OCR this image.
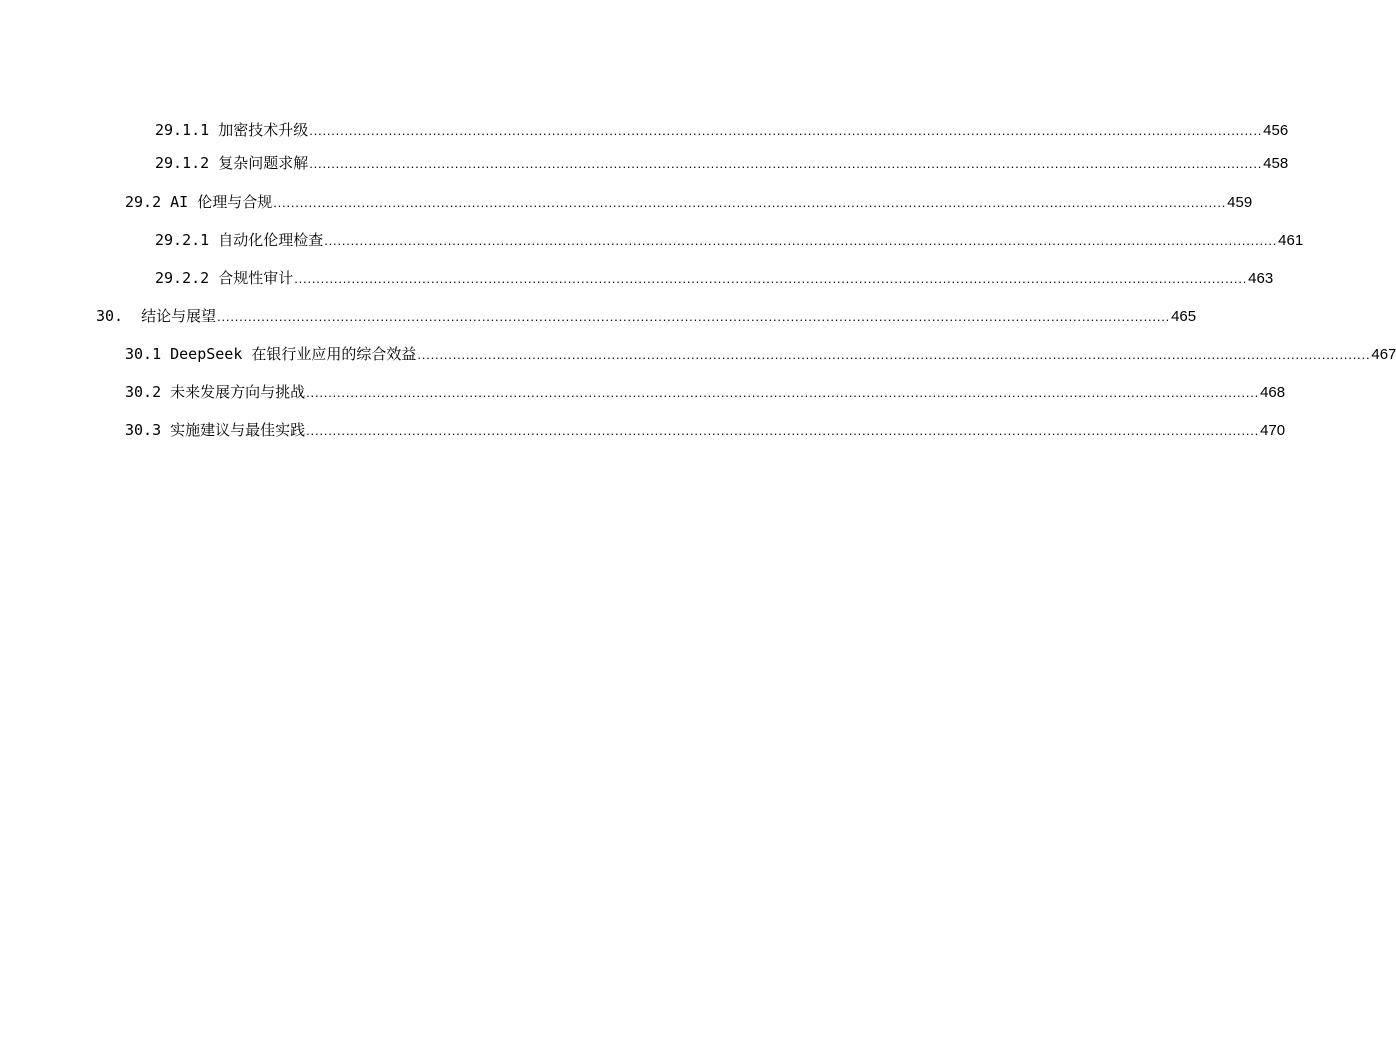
29.1.1 加密技术升级 ........................................................................................................................................................................................................................ 456
29.1.2 复杂问题求解 ........................................................................................................................................................................................................................ 458
29.2 AI 伦理与合规 ........................................................................................................................................................................................................................ 459
29.2.1 自动化伦理检查 ........................................................................................................................................................................................................................ 461
29.2.2 合规性审计 ........................................................................................................................................................................................................................ 463
30. 结论与展望 ........................................................................................................................................................................................................................ 465
30.1 DeepSeek 在银行业应用的综合效益 ........................................................................................................................................................................................................................ 467
30.2 未来发展方向与挑战 ........................................................................................................................................................................................................................ 468
30.3 实施建议与最佳实践 ........................................................................................................................................................................................................................ 470
